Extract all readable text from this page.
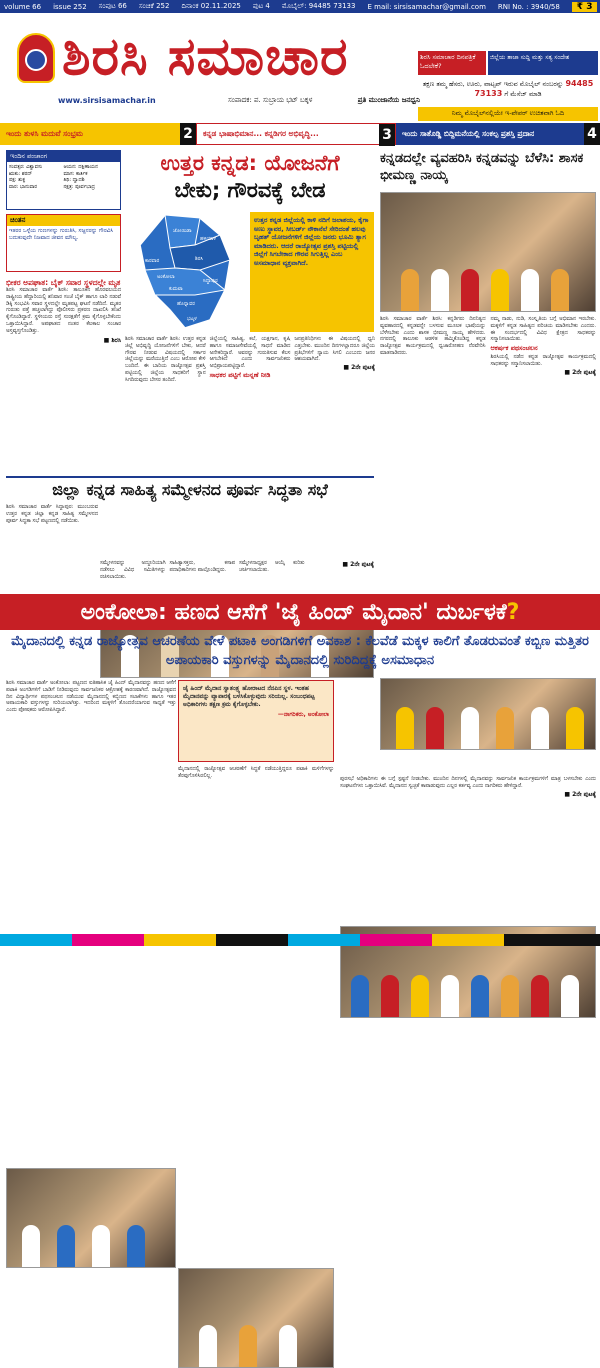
volume 66 issue 252 ಸಂಪುಟ 66 ಸಂಚಿಕೆ 252 ದಿನಾಂಕ 02.11.2025 ಪುಟ 4 ಮೊಬೈಲ್: 94485 73133 E mail: sirsisamachar@gmail.com RNI No. : 3940/58	₹ 3
ಶಿರಸಿ ಸಮಾಚಾರ	ಶಿರಸಿ ಸಮಾಚಾರ ದಿನಪತ್ರಿಕೆ ಓದಲೇಕೆ?
ಜಿಲ್ಲೆಯ ತಾಜಾ ಸುದ್ದಿ ಮತ್ತು ಸತ್ಯ ಸಂದೇಶ
ತಕ್ಷಣ ತಮ್ಮ ಹೆಸರು, ಊರು, ವಾಟ್ಸಪ್ ಇರುವ ಮೊಬೈಲ್ ನಂಬರನ್ನು 94485 73133 ಗೆ ಮೆಸೆಜ್ ಮಾಡಿ
ನಿಮ್ಮ ಮೊಬೈಲ್‌ನಲ್ಲಿಯೇ ಇ-ಪೇಪರ್ ಉಚಿತವಾಗಿ ಓದಿ
www.sirsisamachar.in	ಸಂಪಾದಕ: ಪ. ಸುಬ್ರಾಯ ಭಟ್ ಬಕ್ಕಳ	ಪ್ರತಿ ಮುಂಜಾನೆಯ ಜನಧ್ವನಿ
ಇಂದು ತುಳಸಿ ಮದುವೆ ಸಂಭ್ರಮ	2	ಕನ್ನಡ ಭಾಷಾಭಿಮಾನ... ಕನ್ನಡಿಗರ ಅಭಿವೃದ್ಧಿ...	3	ಇಂದು ಸಾತೊಡ್ಡಿ ಬಿದ್ದಿಮನೆಯಲ್ಲಿ ಸಂಕಲ್ಪ ಪ್ರಶಸ್ತಿ ಪ್ರದಾನ	4
ಇಂದಿನ ಪಂಚಾಂಗ
ಸಂವತ್ಸರ: ವಿಶ್ವಾವಸು	ಆಯನ: ದಕ್ಷಿಣಾಯನ
ಋತು: ಶರದ್	ಮಾಸ: ಕಾರ್ತಿಕ
ಪಕ್ಷ: ಶುಕ್ಲ	ತಿಥಿ: ದ್ವಾದಶಿ
ವಾರ: ಭಾನುವಾರ	ನಕ್ಷತ್ರ: ಪೂರ್ವಭಾದ್ರ
ಚಿಂತನ
ಇತರರ ಒಳ್ಳೆಯ ಗುಣಗಳನ್ನು ಗುರುತಿಸಿ, ಸಜ್ಜನರನ್ನು ಗೌರವಿಸಿ ಬದುಕುವುದೇ ನಿಜವಾದ ಜೀವನ ಮೌಲ್ಯ.
ಭೀಕರ ಅಪಘಾತ: ಬೈಕ್ ಸವಾರ ಸ್ಥಳದಲ್ಲೇ ಮೃತ
ಶಿರಸಿ ಸಮಾಚಾರ ವಾರ್ತೆ ಶಿರಸಿ: ತಾಲೂಕಿನ ಹೊರವಲಯದ ರಾಷ್ಟ್ರೀಯ ಹೆದ್ದಾರಿಯಲ್ಲಿ ಶನಿವಾರ ಸಂಜೆ ಬೈಕ್ ಹಾಗೂ ಲಾರಿ ನಡುವೆ ಡಿಕ್ಕಿ ಸಂಭವಿಸಿ ಸವಾರ ಸ್ಥಳದಲ್ಲೇ ಮೃತಪಟ್ಟ ಘಟನೆ ನಡೆದಿದೆ. ಮೃತರ ಗುರುತು ಪತ್ತೆ ಹಚ್ಚಲಾಗಿದ್ದು ಪೊಲೀಸರು ಪ್ರಕರಣ ದಾಖಲಿಸಿ ತನಿಖೆ ಕೈಗೊಂಡಿದ್ದಾರೆ. ಸ್ಥಳೀಯರು ರಸ್ತೆ ಸುರಕ್ಷತೆಗೆ ಕ್ರಮ ಕೈಗೊಳ್ಳಬೇಕೆಂದು ಒತ್ತಾಯಿಸಿದ್ದಾರೆ. ಅಪಘಾತದ ನಂತರ ಕೆಲಕಾಲ ಸಂಚಾರ ಅಸ್ತವ್ಯಸ್ತಗೊಂಡಿತ್ತು.
■ ಶಿರಸಿ
ಉತ್ತರ ಕನ್ನಡ: ಯೋಜನೆಗೆ
ಬೇಕು; ಗೌರವಕ್ಕೆ ಬೇಡ
ಜೋಯಿಡಾ
ಹಳಿಯಾಳ
ಕಾರವಾರ	ಶಿರಸಿ
ಅಂಕೋಲಾ
ಕುಮಟಾ
ಹೊನ್ನಾವರ
ಭಟ್ಕಳ
ಸಿದ್ದಾಪುರ
ಉತ್ತರ ಕನ್ನಡ ಜಿಲ್ಲೆಯಲ್ಲಿ ಕಾಳಿ ನದಿಗೆ ಜಲಾಶಯ, ಕೈಗಾ ಅಣು ಸ್ಥಾವರ, ಸೀಬರ್ಡ್ ನೌಕಾನೆಲೆ ಸೇರಿದಂತೆ ಹಲವು ಬೃಹತ್ ಯೋಜನೆಗಳಿಗೆ ಜಿಲ್ಲೆಯ ಜನರು ಭೂಮಿ ತ್ಯಾಗ ಮಾಡಿದರು. ಆದರೆ ರಾಜ್ಯೋತ್ಸವ ಪ್ರಶಸ್ತಿ ಪಟ್ಟಿಯಲ್ಲಿ ಜಿಲ್ಲೆಗೆ ಸಿಗಬೇಕಾದ ಗೌರವ ಸಿಗುತ್ತಿಲ್ಲ ಎಂಬ ಅಸಮಾಧಾನ ವ್ಯಕ್ತವಾಗಿದೆ.
ಶಿರಸಿ ಸಮಾಚಾರ ವಾರ್ತೆ ಶಿರಸಿ: ಉತ್ತರ ಕನ್ನಡ ಜಿಲ್ಲೆ ಅಭಿವೃದ್ಧಿ ಯೋಜನೆಗಳಿಗೆ ಬೇಕು, ಆದರೆ ಗೌರವ ನೀಡುವ ವಿಷಯದಲ್ಲಿ ಸರ್ಕಾರ ಜಿಲ್ಲೆಯನ್ನು ಮರೆಯುತ್ತಿದೆ ಎಂಬ ಆರೋಪ ಕೇಳಿ ಬಂದಿದೆ. ಈ ಬಾರಿಯ ರಾಜ್ಯೋತ್ಸವ ಪ್ರಶಸ್ತಿ ಪಟ್ಟಿಯಲ್ಲಿ ಜಿಲ್ಲೆಯ ಸಾಧಕರಿಗೆ ಸ್ಥಾನ ಸಿಗದಿರುವುದು ಬೇಸರ ತಂದಿದೆ.
ಜಿಲ್ಲೆಯಲ್ಲಿ ಸಾಹಿತ್ಯ, ಕಲೆ, ಯಕ್ಷಗಾನ, ಕೃಷಿ ಹಾಗೂ ಸಮಾಜಸೇವೆಯಲ್ಲಿ ಸಾಧನೆ ಮಾಡಿದ ಅನೇಕರಿದ್ದಾರೆ. ಅವರನ್ನು ಗುರುತಿಸುವ ಕೆಲಸ ಆಗಬೇಕಿದೆ ಎಂದು ಸಾರ್ವಜನಿಕರು ಅಭಿಪ್ರಾಯಪಟ್ಟಿದ್ದಾರೆ.
ಸಾಧಕರ ಪಟ್ಟಿಗೆ ಮನ್ನಣೆ ನೀಡಿ
ಜನಪ್ರತಿನಿಧಿಗಳು ಈ ವಿಷಯದಲ್ಲಿ ಧ್ವನಿ ಎತ್ತಬೇಕು. ಮುಂದಿನ ದಿನಗಳಲ್ಲಾದರೂ ಜಿಲ್ಲೆಯ ಪ್ರತಿಭೆಗಳಿಗೆ ನ್ಯಾಯ ಸಿಗಲಿ ಎಂಬುದು ಜನರ ಆಶಯವಾಗಿದೆ.
■ 2ನೇ ಪುಟಕ್ಕೆ
ಕನ್ನಡದಲ್ಲೇ ವ್ಯವಹರಿಸಿ ಕನ್ನಡವನ್ನು ಬೆಳೆಸಿ: ಶಾಸಕ ಭೀಮಣ್ಣ ನಾಯ್ಕ
ಶಿರಸಿ ಸಮಾಚಾರ ವಾರ್ತೆ ಶಿರಸಿ: ಕನ್ನಡಿಗರು ದಿನನಿತ್ಯದ ವ್ಯವಹಾರದಲ್ಲಿ ಕನ್ನಡವನ್ನೇ ಬಳಸುವ ಮೂಲಕ ಭಾಷೆಯನ್ನು ಬೆಳೆಸಬೇಕು ಎಂದು ಶಾಸಕ ಭೀಮಣ್ಣ ನಾಯ್ಕ ಹೇಳಿದರು. ನಗರದಲ್ಲಿ ತಾಲೂಕು ಆಡಳಿತ ಹಮ್ಮಿಕೊಂಡಿದ್ದ ಕನ್ನಡ ರಾಜ್ಯೋತ್ಸವ ಕಾರ್ಯಕ್ರಮದಲ್ಲಿ ಧ್ವಜಾರೋಹಣ ನೆರವೇರಿಸಿ ಮಾತನಾಡಿದರು.
ನಮ್ಮ ನಾಡು, ನುಡಿ, ಸಂಸ್ಕೃತಿಯ ಬಗ್ಗೆ ಅಭಿಮಾನ ಇರಬೇಕು. ಮಕ್ಕಳಿಗೆ ಕನ್ನಡ ಸಾಹಿತ್ಯದ ಪರಿಚಯ ಮಾಡಿಸಬೇಕು ಎಂದರು. ಈ ಸಂದರ್ಭದಲ್ಲಿ ವಿವಿಧ ಕ್ಷೇತ್ರದ ಸಾಧಕರನ್ನು ಸನ್ಮಾನಿಸಲಾಯಿತು.
ಆಕರ್ಷಕ ಪಥಸಂಚಲನ
ಶಿರಸಿಯಲ್ಲಿ ನಡೆದ ಕನ್ನಡ ರಾಜ್ಯೋತ್ಸವ ಕಾರ್ಯಕ್ರಮದಲ್ಲಿ ಸಾಧಕರನ್ನು ಸನ್ಮಾನಿಸಲಾಯಿತು.
■ 2ನೇ ಪುಟಕ್ಕೆ
ಜಿಲ್ಲಾ ಕನ್ನಡ ಸಾಹಿತ್ಯ ಸಮ್ಮೇಳನದ ಪೂರ್ವ ಸಿದ್ಧತಾ ಸಭೆ
ಶಿರಸಿ ಸಮಾಚಾರ ವಾರ್ತೆ ಸಿದ್ದಾಪುರ: ಮುಂಬರುವ ಉತ್ತರ ಕನ್ನಡ ಜಿಲ್ಲಾ ಕನ್ನಡ ಸಾಹಿತ್ಯ ಸಮ್ಮೇಳನದ ಪೂರ್ವ ಸಿದ್ಧತಾ ಸಭೆ ಪಟ್ಟಣದಲ್ಲಿ ನಡೆಯಿತು.
ಸಮ್ಮೇಳನವನ್ನು ಅದ್ದೂರಿಯಾಗಿ ನಡೆಸಲು ವಿವಿಧ ಸಮಿತಿಗಳನ್ನು ರಚಿಸಲಾಯಿತು.
ಸಾಹಿತ್ಯಾಸಕ್ತರು, ಕಸಾಪ ಪದಾಧಿಕಾರಿಗಳು ಪಾಲ್ಗೊಂಡಿದ್ದರು.
ಸಮ್ಮೇಳನಾಧ್ಯಕ್ಷರ ಆಯ್ಕೆ ಕುರಿತು ಚರ್ಚಿಸಲಾಯಿತು.
■ 2ನೇ ಪುಟಕ್ಕೆ
ಅಂಕೋಲಾ: ಹಣದ ಆಸೆಗೆ 'ಜೈ ಹಿಂದ್ ಮೈದಾನ' ದುರ್ಬಳಕೆ ?
ಮೈದಾನದಲ್ಲಿ ಕನ್ನಡ ರಾಜ್ಯೋತ್ಸವ ಆಚರಣೆಯ ವೇಳೆ ಪಟಾಕಿ ಅಂಗಡಿಗಳಿಗೆ ಅವಕಾಶ : ಕೆಲವೆಡೆ ಮಕ್ಕಳ ಕಾಲಿಗೆ ತೊಡರುವಂತೆ ಕಬ್ಬಿಣ ಮತ್ತಿತರ ಅಪಾಯಕಾರಿ ವಸ್ತುಗಳನ್ನು ಮೈದಾನದಲ್ಲಿ ಸುರಿದಿದ್ದಕ್ಕೆ ಅಸಮಾಧಾನ
ಶಿರಸಿ ಸಮಾಚಾರ ವಾರ್ತೆ ಅಂಕೋಲಾ: ಪಟ್ಟಣದ ಐತಿಹಾಸಿಕ ಜೈ ಹಿಂದ್ ಮೈದಾನವನ್ನು ಹಣದ ಆಸೆಗೆ ಪಟಾಕಿ ಅಂಗಡಿಗಳಿಗೆ ಬಾಡಿಗೆ ನೀಡಿರುವುದು ಸಾರ್ವಜನಿಕರ ಆಕ್ರೋಶಕ್ಕೆ ಕಾರಣವಾಗಿದೆ. ರಾಜ್ಯೋತ್ಸವದ ದಿನ ವಿದ್ಯಾರ್ಥಿಗಳ ಪಥಸಂಚಲನ ನಡೆಯುವ ಮೈದಾನದಲ್ಲಿ ಕಬ್ಬಿಣದ ಸಲಾಕೆಗಳು ಹಾಗೂ ಇತರ ಅಪಾಯಕಾರಿ ವಸ್ತುಗಳನ್ನು ಸುರಿಯಲಾಗಿತ್ತು. ಇದರಿಂದ ಮಕ್ಕಳಿಗೆ ತೊಂದರೆಯಾಗುವ ಸಾಧ್ಯತೆ ಇತ್ತು ಎಂದು ಪೋಷಕರು ಆರೋಪಿಸಿದ್ದಾರೆ.
ಜೈ ಹಿಂದ್ ಮೈದಾನ ಸ್ವಾತಂತ್ರ್ಯ ಹೋರಾಟದ ನೆನಪಿನ ಸ್ಥಳ. ಇಂತಹ ಮೈದಾನವನ್ನು ವ್ಯಾಪಾರಕ್ಕೆ ಬಳಸಿಕೊಳ್ಳುವುದು ಸರಿಯಲ್ಲ. ಸಂಬಂಧಪಟ್ಟ ಅಧಿಕಾರಿಗಳು ತಕ್ಷಣ ಕ್ರಮ ಕೈಗೊಳ್ಳಬೇಕು.
—ನಾಗರಿಕರು, ಅಂಕೋಲಾ
ಮೈದಾನದಲ್ಲಿ ರಾಜ್ಯೋತ್ಸವ ಆಚರಣೆಗೆ ಸಿದ್ಧತೆ ನಡೆಯುತ್ತಿದ್ದರೂ ಪಟಾಕಿ ಮಳಿಗೆಗಳನ್ನು ತೆರವುಗೊಳಿಸಿರಲಿಲ್ಲ.
ಪುರಸಭೆ ಅಧಿಕಾರಿಗಳು ಈ ಬಗ್ಗೆ ಸ್ಪಷ್ಟನೆ ನೀಡಬೇಕು. ಮುಂದಿನ ದಿನಗಳಲ್ಲಿ ಮೈದಾನವನ್ನು ಸಾರ್ವಜನಿಕ ಕಾರ್ಯಕ್ರಮಗಳಿಗೆ ಮಾತ್ರ ಬಳಸಬೇಕು ಎಂದು ಸಂಘಟನೆಗಳು ಒತ್ತಾಯಿಸಿವೆ. ಮೈದಾನದ ಸ್ವಚ್ಛತೆ ಕಾಪಾಡುವುದು ಎಲ್ಲರ ಕರ್ತವ್ಯ ಎಂದು ನಾಗರಿಕರು ಹೇಳಿದ್ದಾರೆ.
■ 2ನೇ ಪುಟಕ್ಕೆ
